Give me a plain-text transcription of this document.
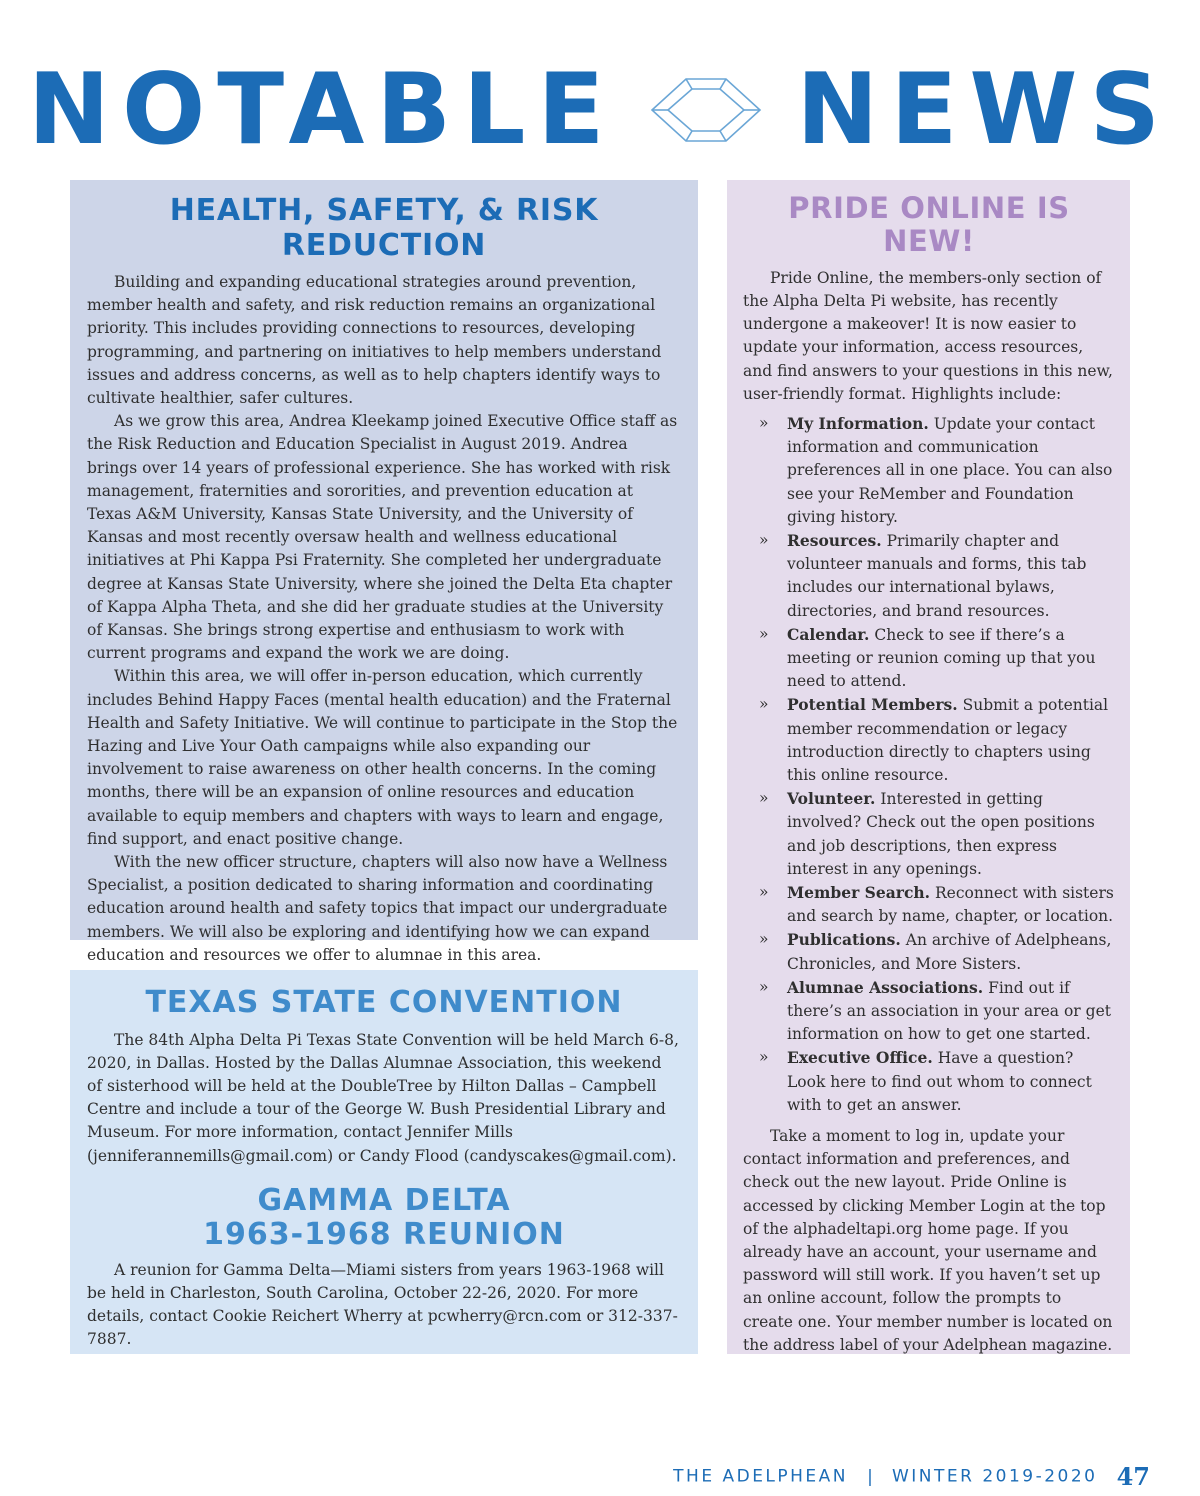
NOTABLE NEWS
HEALTH, SAFETY, & RISK REDUCTION

Building and expanding educational strategies around prevention, member health and safety, and risk reduction remains an organizational priority. This includes providing connections to resources, developing programming, and partnering on initiatives to help members understand issues and address concerns, as well as to help chapters identify ways to cultivate healthier, safer cultures.

As we grow this area, Andrea Kleekamp joined Executive Office staff as the Risk Reduction and Education Specialist in August 2019. Andrea brings over 14 years of professional experience. She has worked with risk management, fraternities and sororities, and prevention education at Texas A&M University, Kansas State University, and the University of Kansas and most recently oversaw health and wellness educational initiatives at Phi Kappa Psi Fraternity. She completed her undergraduate degree at Kansas State University, where she joined the Delta Eta chapter of Kappa Alpha Theta, and she did her graduate studies at the University of Kansas. She brings strong expertise and enthusiasm to work with current programs and expand the work we are doing.

Within this area, we will offer in-person education, which currently includes Behind Happy Faces (mental health education) and the Fraternal Health and Safety Initiative. We will continue to participate in the Stop the Hazing and Live Your Oath campaigns while also expanding our involvement to raise awareness on other health concerns. In the coming months, there will be an expansion of online resources and education available to equip members and chapters with ways to learn and engage, find support, and enact positive change.

With the new officer structure, chapters will also now have a Wellness Specialist, a position dedicated to sharing information and coordinating education around health and safety topics that impact our undergraduate members. We will also be exploring and identifying how we can expand education and resources we offer to alumnae in this area.

TEXAS STATE CONVENTION

The 84th Alpha Delta Pi Texas State Convention will be held March 6-8, 2020, in Dallas. Hosted by the Dallas Alumnae Association, this weekend of sisterhood will be held at the DoubleTree by Hilton Dallas – Campbell Centre and include a tour of the George W. Bush Presidential Library and Museum. For more information, contact Jennifer Mills (jenniferannemills@gmail.com) or Candy Flood (candyscakes@gmail.com).

GAMMA DELTA
1963-1968 REUNION

A reunion for Gamma Delta—Miami sisters from years 1963-1968 will be held in Charleston, South Carolina, October 22-26, 2020. For more details, contact Cookie Reichert Wherry at pcwherry@rcn.com or 312-337-7887.

PRIDE ONLINE IS NEW!

Pride Online, the members-only section of the Alpha Delta Pi website, has recently undergone a makeover! It is now easier to update your information, access resources, and find answers to your questions in this new, user-friendly format. Highlights include:

» My Information. Update your contact information and communication preferences all in one place. You can also see your ReMember and Foundation giving history.
» Resources. Primarily chapter and volunteer manuals and forms, this tab includes our international bylaws, directories, and brand resources.
» Calendar. Check to see if there’s a meeting or reunion coming up that you need to attend.
» Potential Members. Submit a potential member recommendation or legacy introduction directly to chapters using this online resource.
» Volunteer. Interested in getting involved? Check out the open positions and job descriptions, then express interest in any openings.
» Member Search. Reconnect with sisters and search by name, chapter, or location.
» Publications. An archive of Adelpheans, Chronicles, and More Sisters.
» Alumnae Associations. Find out if there’s an association in your area or get information on how to get one started.
» Executive Office. Have a question? Look here to find out whom to connect with to get an answer.

Take a moment to log in, update your contact information and preferences, and check out the new layout. Pride Online is accessed by clicking Member Login at the top of the alphadeltapi.org home page. If you already have an account, your username and password will still work. If you haven’t set up an online account, follow the prompts to create one. Your member number is located on the address label of your Adelphean magazine.

THE ADELPHEAN | WINTER 2019-2020 47
